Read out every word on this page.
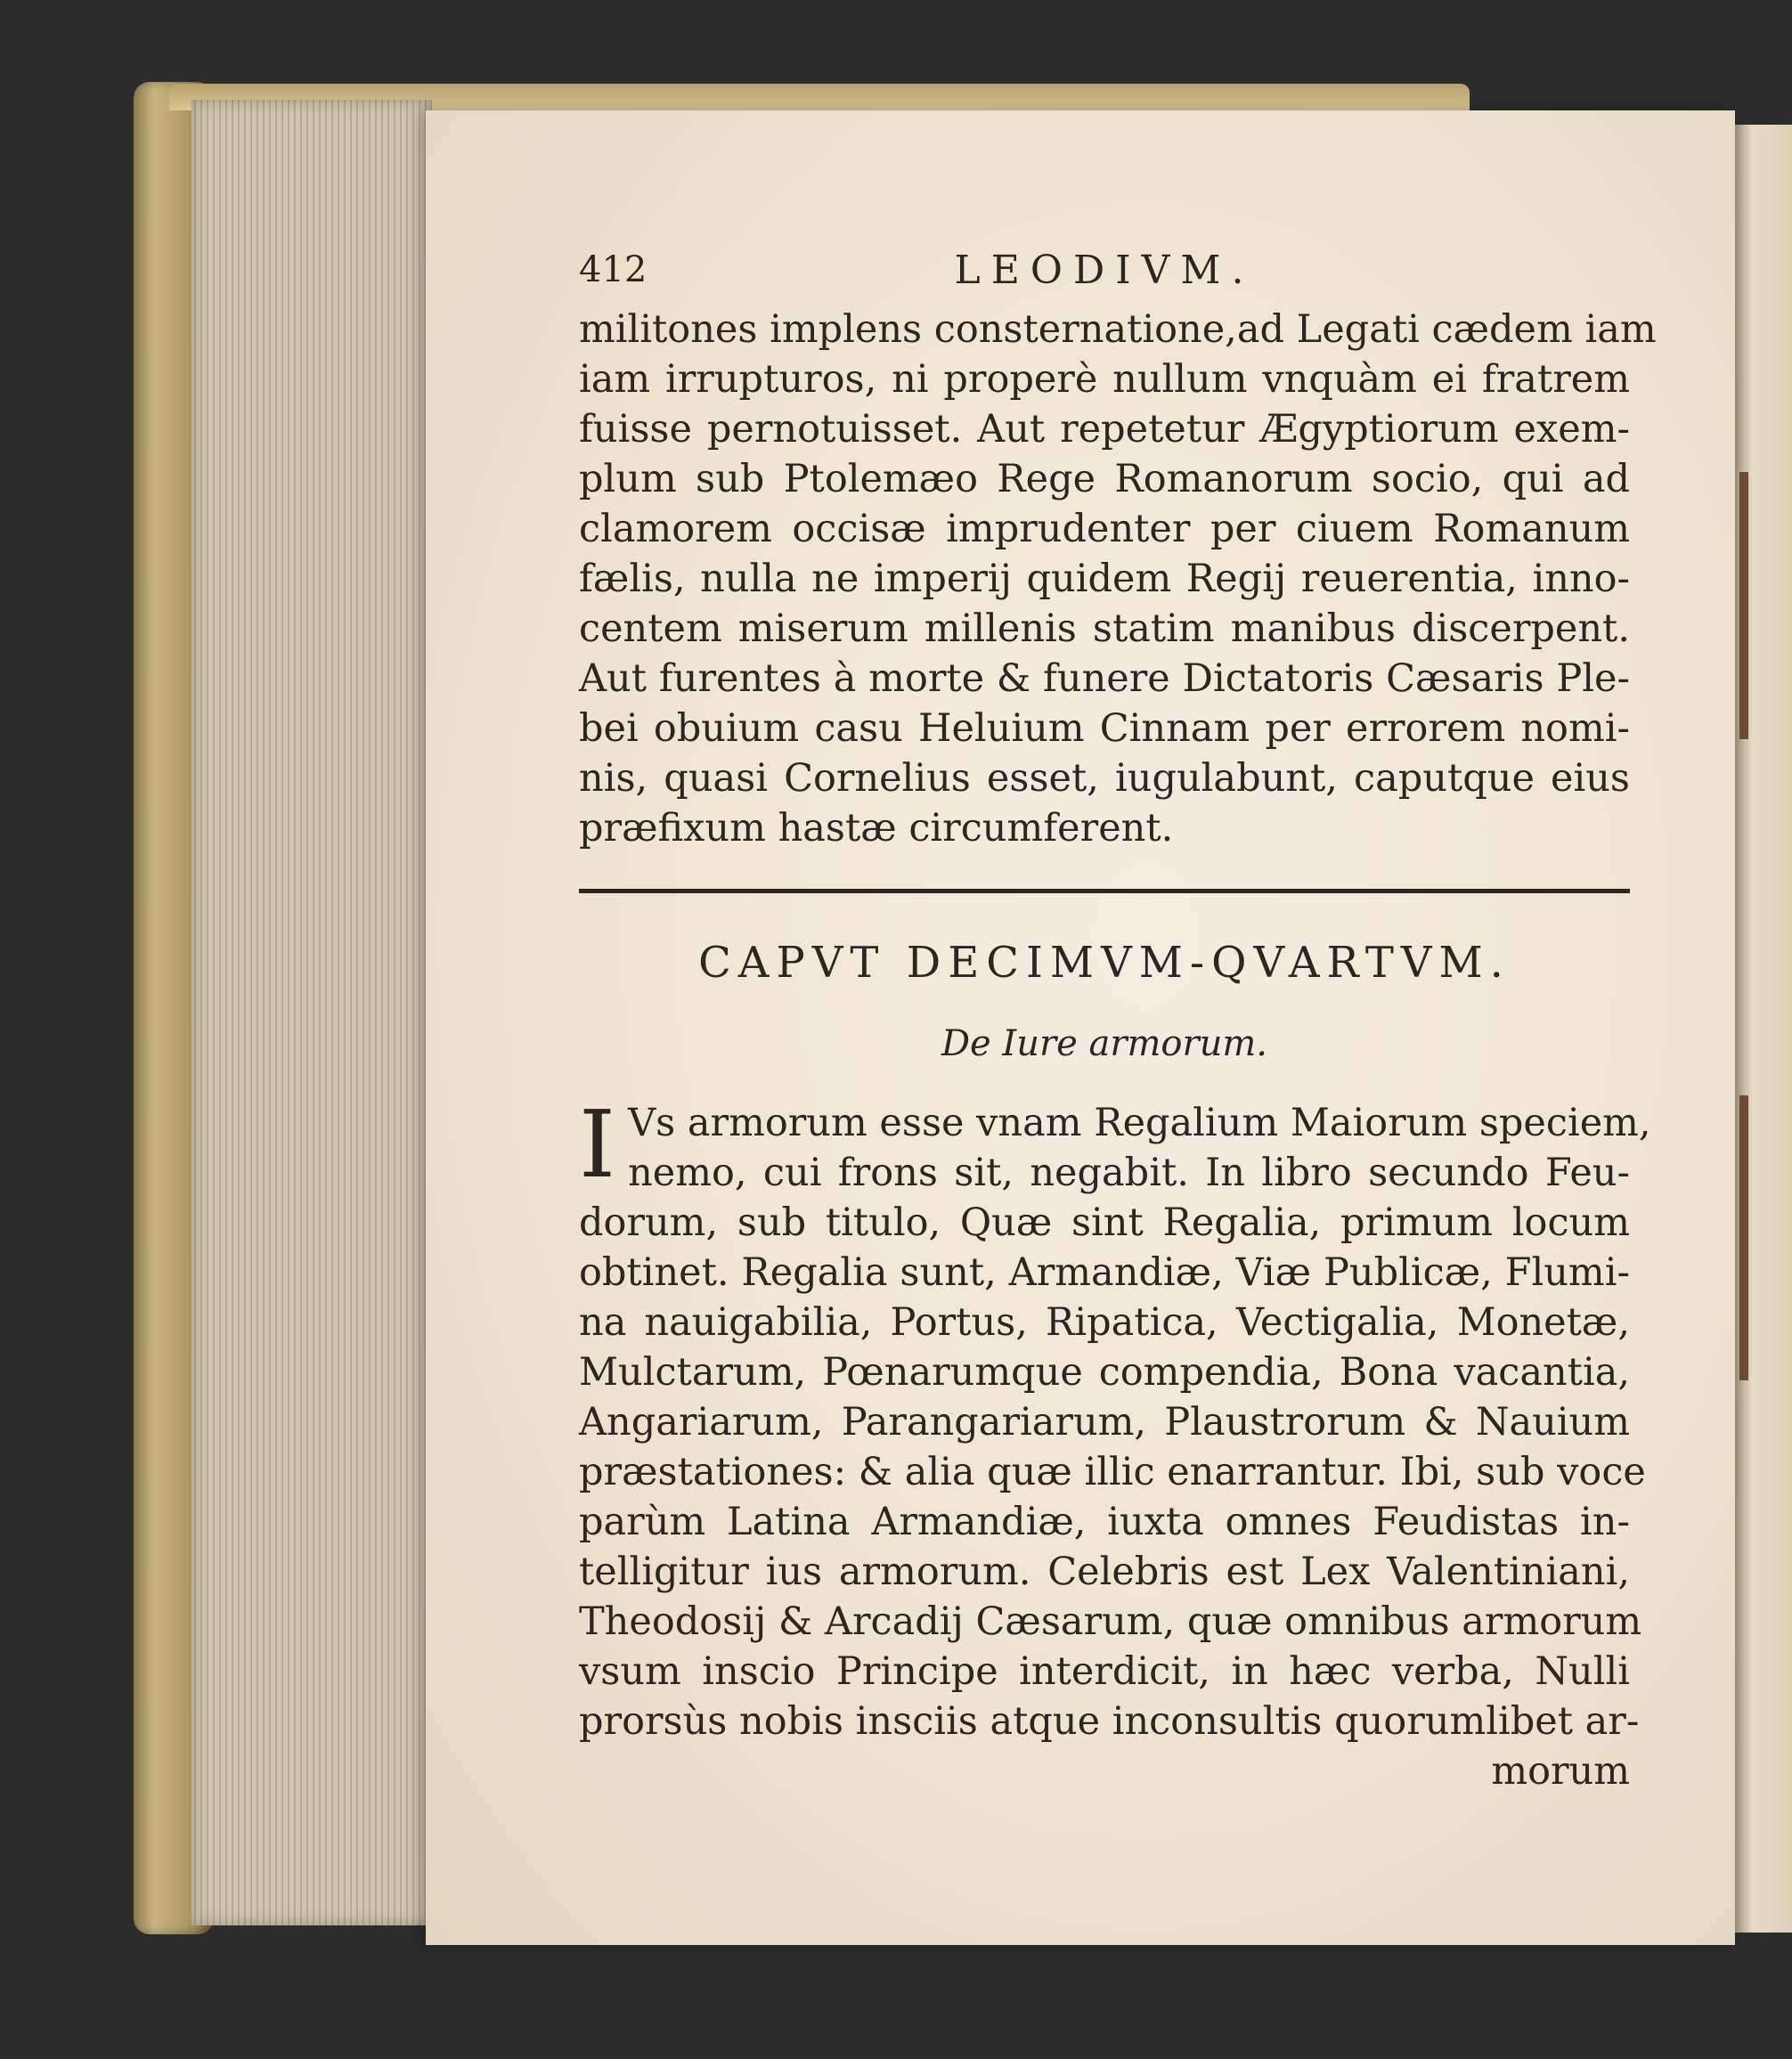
412	LEODIVM.
militones implens consternatione,ad Legati cædem iam
iam irrupturos, ni properè nullum vnquàm ei fratrem
fuisse pernotuisset. Aut repetetur Ægyptiorum exem-
plum sub Ptolemæo Rege Romanorum socio, qui ad
clamorem occisæ imprudenter per ciuem Romanum
fælis, nulla ne imperij quidem Regij reuerentia, inno-
centem miserum millenis statim manibus discerpent.
Aut furentes à morte & funere Dictatoris Cæsaris Ple-
bei obuium casu Heluium Cinnam per errorem nomi-
nis, quasi Cornelius esset, iugulabunt, caputque eius
præfixum hastæ circumferent.
CAPVT DECIMVM-QVARTVM.
De Iure armorum.
I Vs armorum esse vnam Regalium Maiorum speciem,
nemo, cui frons sit, negabit. In libro secundo Feu-
dorum, sub titulo, Quæ sint Regalia, primum locum
obtinet. Regalia sunt, Armandiæ, Viæ Publicæ, Flumi-
na nauigabilia, Portus, Ripatica, Vectigalia, Monetæ,
Mulctarum, Pœnarumque compendia, Bona vacantia,
Angariarum, Parangariarum, Plaustrorum & Nauium
præstationes: & alia quæ illic enarrantur. Ibi, sub voce
parùm Latina Armandiæ, iuxta omnes Feudistas in-
telligitur ius armorum. Celebris est Lex Valentiniani,
Theodosij & Arcadij Cæsarum, quæ omnibus armorum
vsum inscio Principe interdicit, in hæc verba, Nulli
prorsùs nobis insciis atque inconsultis quorumlibet ar-
morum
